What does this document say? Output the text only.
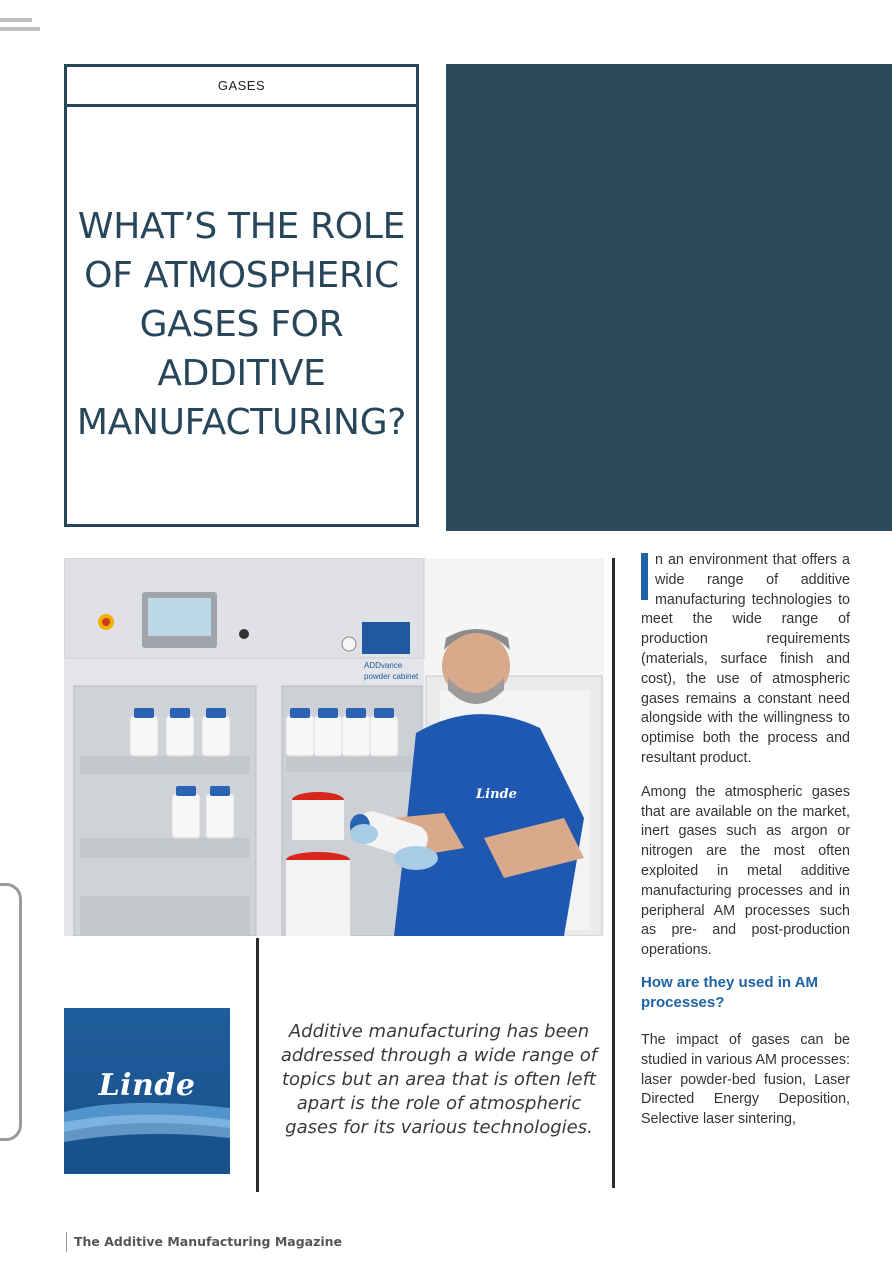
GASES
WHAT’S THE ROLE
OF ATMOSPHERIC
GASES FOR
ADDITIVE
MANUFACTURING?
ADDvance
powder cabinet
Linde
Linde
Additive manufacturing has been addressed through a wide range of topics but an area that is often left apart is the role of atmospheric gases for its various technologies.
n an environment that offers a wide range of additive manufacturing technologies to meet the wide range of production requirements (materials, surface finish and cost), the use of atmospheric gases remains a constant need alongside with the willingness to optimise both the process and resultant product.
Among the atmospheric gases that are available on the market, inert gases such as argon or nitrogen are the most often exploited in metal additive manufacturing processes and in peripheral AM processes such as pre- and post-production operations.
How are they used in AM processes?
The impact of gases can be studied in various AM processes: laser powder-bed fusion, Laser Directed Energy Deposition, Selective laser sintering,
The Additive Manufacturing Magazine
